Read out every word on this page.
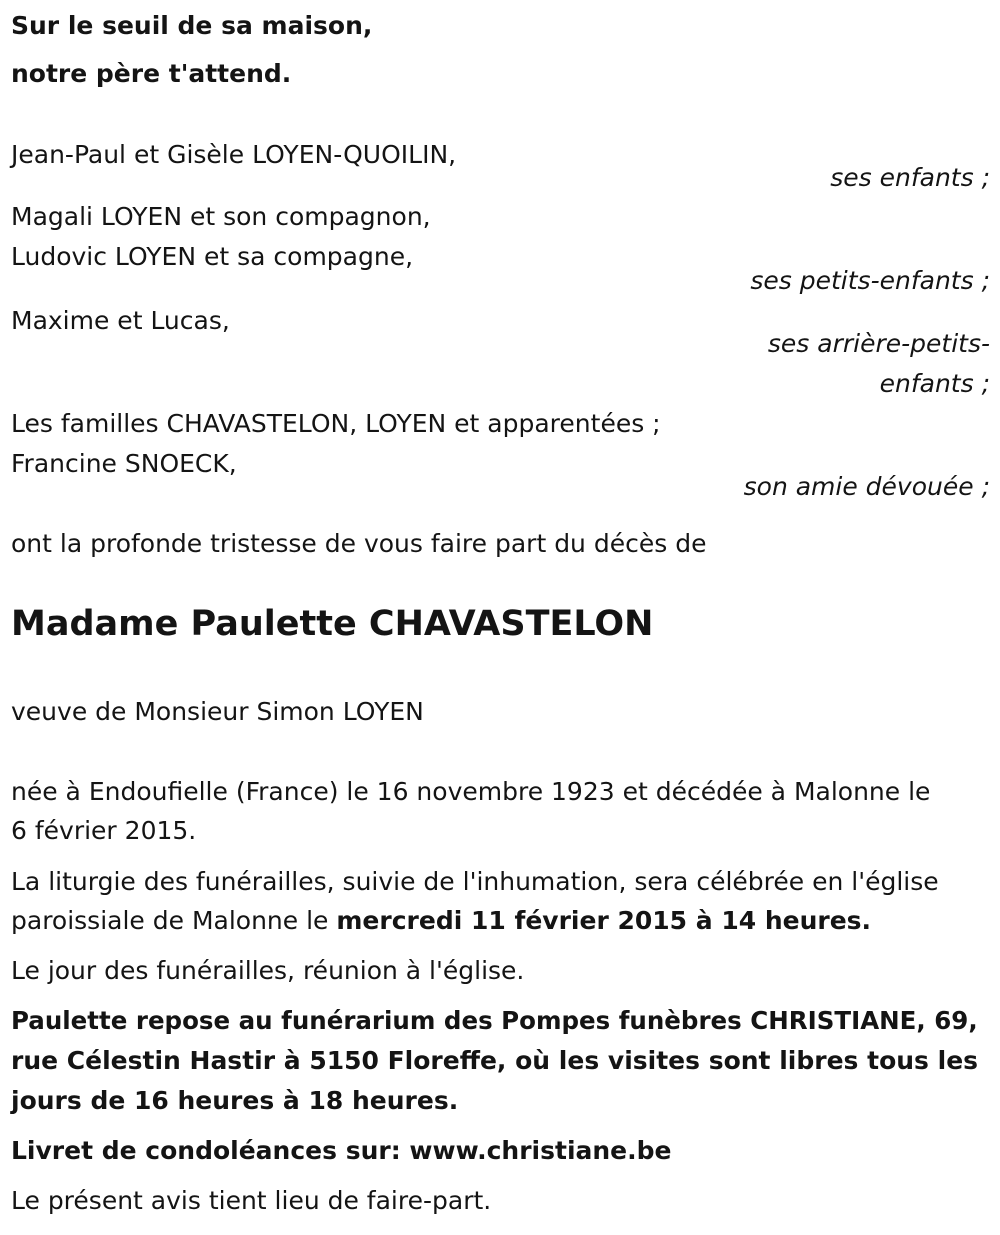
Sur le seuil de sa maison,
notre père t'attend.
Jean-Paul et Gisèle LOYEN-QUOILIN,
ses enfants ;
Magali LOYEN et son compagnon,
Ludovic LOYEN et sa compagne,
ses petits-enfants ;
Maxime et Lucas,
ses arrière-petits-
enfants ;
Les familles CHAVASTELON, LOYEN et apparentées ;
Francine SNOECK,
son amie dévouée ;
ont la profonde tristesse de vous faire part du décès de
Madame Paulette CHAVASTELON
veuve de Monsieur Simon LOYEN
née à Endoufielle (France) le 16 novembre 1923 et décédée à Malonne le
6 février 2015.
La liturgie des funérailles, suivie de l'inhumation, sera célébrée en l'église
paroissiale de Malonne le mercredi 11 février 2015 à 14 heures.
Le jour des funérailles, réunion à l'église.
Paulette repose au funérarium des Pompes funèbres CHRISTIANE, 69,
rue Célestin Hastir à 5150 Floreffe, où les visites sont libres tous les
jours de 16 heures à 18 heures.
Livret de condoléances sur: www.christiane.be
Le présent avis tient lieu de faire-part.
